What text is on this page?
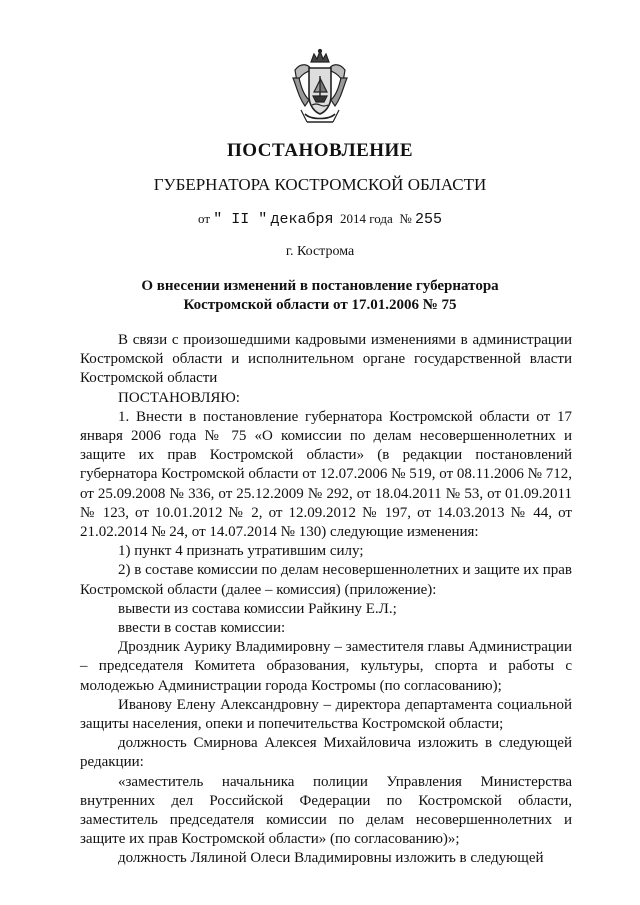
ПОСТАНОВЛЕНИЕ
ГУБЕРНАТОРА КОСТРОМСКОЙ ОБЛАСТИ
от " II " декабря 2014 года № 255
г. Кострома
О внесении изменений в постановление губернатора
Костромской области от 17.01.2006 № 75

В связи с произошедшими кадровыми изменениями в администрации Костромской области и исполнительном органе государственной власти Костромской области

ПОСТАНОВЛЯЮ:

1. Внести в постановление губернатора Костромской области от 17 января 2006 года № 75 «О комиссии по делам несовершеннолетних и защите их прав Костромской области» (в редакции постановлений губернатора Костромской области от 12.07.2006 № 519, от 08.11.2006 № 712, от 25.09.2008 № 336, от 25.12.2009 № 292, от 18.04.2011 № 53, от 01.09.2011 № 123, от 10.01.2012 № 2, от 12.09.2012 № 197, от 14.03.2013 № 44, от 21.02.2014 № 24, от 14.07.2014 № 130) следующие изменения:

1) пункт 4 признать утратившим силу;

2) в составе комиссии по делам несовершеннолетних и защите их прав Костромской области (далее – комиссия) (приложение):

вывести из состава комиссии Райкину Е.Л.;

ввести в состав комиссии:

Дроздник Аурику Владимировну – заместителя главы Администрации – председателя Комитета образования, культуры, спорта и работы с молодежью Администрации города Костромы (по согласованию);

Иванову Елену Александровну – директора департамента социальной защиты населения, опеки и попечительства Костромской области;

должность Смирнова Алексея Михайловича изложить в следующей редакции:

«заместитель начальника полиции Управления Министерства внутренних дел Российской Федерации по Костромской области, заместитель председателя комиссии по делам несовершеннолетних и защите их прав Костромской области» (по согласованию)»;

должность Лялиной Олеси Владимировны изложить в следующей
